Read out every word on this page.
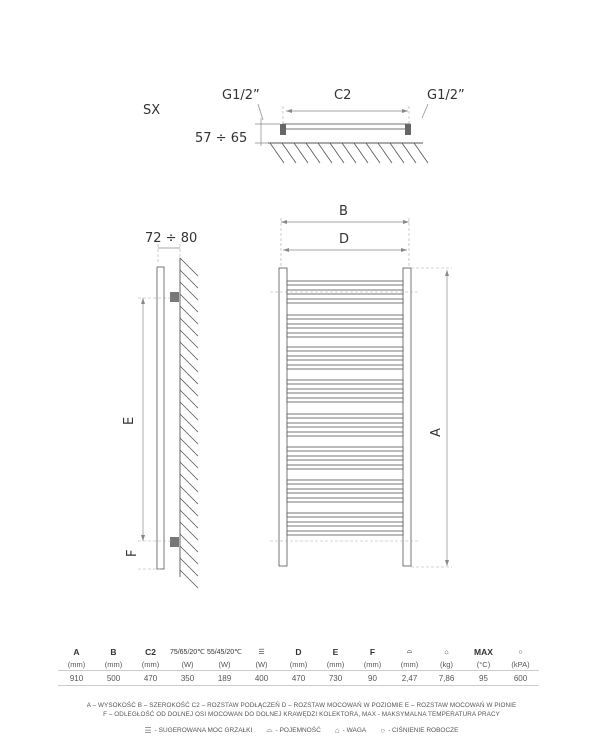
SX
G1/2”	C2	G1/2”
57 ÷ 65
72 ÷ 80
E
F
B
D
A
A	B	C2	75/65/20℃	55/45/20℃	☰	D	E	F	⌓	⌂	MAX	○
(mm)	(mm)	(mm)	(W)	(W)	(W)	(mm)	(mm)	(mm)	(mm)	(kg)	(°C)	(kPA)
910	500	470	350	189	400	470	730	90	2,47	7,86	95	600
A – WYSOKOŚĆ B – SZEROKOŚĆ C2 – ROZSTAW PODŁĄCZEŃ D – ROZSTAW MOCOWAŃ W POZIOMIE E – ROZSTAW MOCOWAŃ W PIONIE
F – ODLEGŁOŚĆ OD DOLNEJ OSI MOCOWAN DO DOLNEJ KRAWĘDZI KOLEKTORA, MAX - MAKSYMALNA TEMPERATURA PRACY
☰ - SUGEROWANA MOC GRZAŁKI ⌓ - POJEMNOŚĆ ⌂ - WAGA ○ - CIŚNIENIE ROBOCZE
